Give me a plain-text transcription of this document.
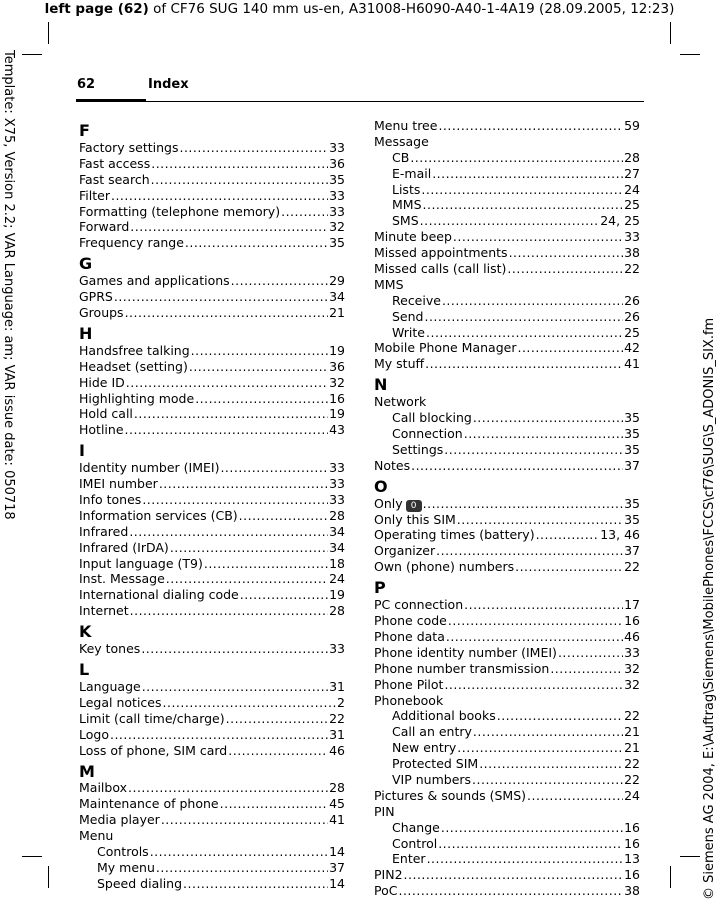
left page (62) of CF76 SUG 140 mm us-en, A31008-H6090-A40-1-4A19 (28.09.2005, 12:23)
Template: X75, Version 2.2; VAR Language: am; VAR issue date: 050718
© Siemens AG 2004, E:\Auftrag\Siemens\MobilePhones\FCCS\cf76\SUG\S_ADONIS_SIX.fm
62	Index
F
Factory settings .....	33
Fast access .....	36
Fast search .....	35
Filter .....	33
Formatting (telephone memory) .....	33
Forward .....	32
Frequency range .....	35
G
Games and applications .....	29
GPRS .....	34
Groups .....	21
H
Handsfree talking .....	19
Headset (setting) .....	36
Hide ID .....	32
Highlighting mode .....	16
Hold call .....	19
Hotline .....	43
I
Identity number (IMEI) .....	33
IMEI number .....	33
Info tones .....	33
Information services (CB) .....	28
Infrared .....	34
Infrared (IrDA) .....	34
Input language (T9) .....	18
Inst. Message .....	24
International dialing code .....	19
Internet .....	28
K
Key tones .....	33
L
Language .....	31
Legal notices .....	2
Limit (call time/charge) .....	22
Logo .....	31
Loss of phone, SIM card .....	46
M
Mailbox .....	28
Maintenance of phone .....	45
Media player .....	41
Menu
Controls .....	14
My menu .....	37
Speed dialing .....	14
Menu tree .....	59
Message
CB .....	28
E-mail .....	27
Lists .....	24
MMS .....	25
SMS .....	24, 25
Minute beep .....	33
Missed appointments .....	38
Missed calls (call list) .....	22
MMS
Receive .....	26
Send .....	26
Write .....	25
Mobile Phone Manager .....	42
My stuff .....	41
N
Network
Call blocking .....	35
Connection .....	35
Settings .....	35
Notes .....	37
O
Only 0 .....	35
Only this SIM .....	35
Operating times (battery) .....	13, 46
Organizer .....	37
Own (phone) numbers .....	22
P
PC connection .....	17
Phone code .....	16
Phone data .....	46
Phone identity number (IMEI) .....	33
Phone number transmission .....	32
Phone Pilot .....	32
Phonebook
Additional books .....	22
Call an entry .....	21
New entry .....	21
Protected SIM .....	22
VIP numbers .....	22
Pictures & sounds (SMS) .....	24
PIN
Change .....	16
Control .....	16
Enter .....	13
PIN2 .....	16
PoC .....	38
